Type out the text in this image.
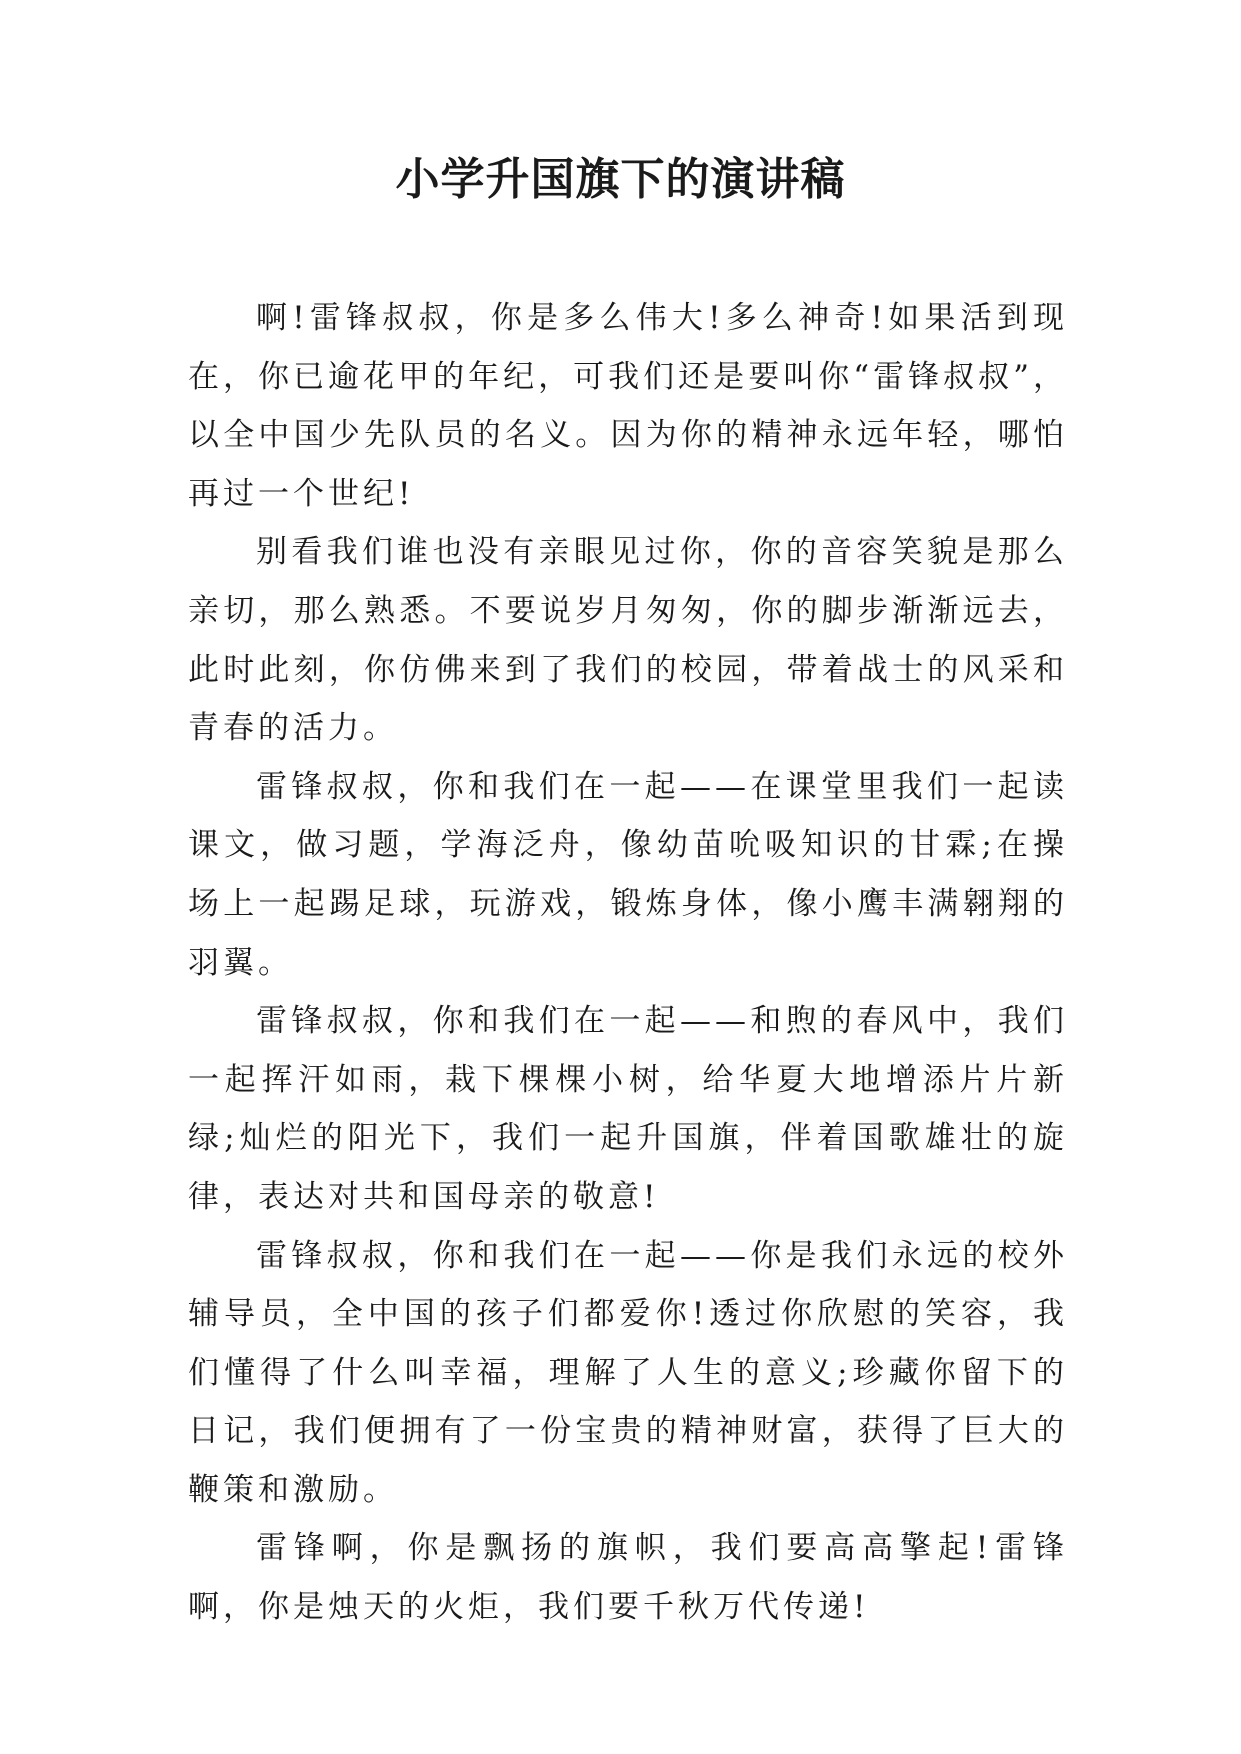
小学升国旗下的演讲稿

啊!雷锋叔叔，你是多么伟大!多么神奇!如果活到现在，你已逾花甲的年纪，可我们还是要叫你“雷锋叔叔”，以全中国少先队员的名义。因为你的精神永远年轻，哪怕再过一个世纪!

别看我们谁也没有亲眼见过你，你的音容笑貌是那么亲切，那么熟悉。不要说岁月匆匆，你的脚步渐渐远去，此时此刻，你仿佛来到了我们的校园，带着战士的风采和青春的活力。

雷锋叔叔，你和我们在一起——在课堂里我们一起读课文，做习题，学海泛舟，像幼苗吮吸知识的甘霖;在操场上一起踢足球，玩游戏，锻炼身体，像小鹰丰满翱翔的羽翼。

雷锋叔叔，你和我们在一起——和煦的春风中，我们一起挥汗如雨，栽下棵棵小树，给华夏大地增添片片新绿;灿烂的阳光下，我们一起升国旗，伴着国歌雄壮的旋律，表达对共和国母亲的敬意!

雷锋叔叔，你和我们在一起——你是我们永远的校外辅导员，全中国的孩子们都爱你!透过你欣慰的笑容，我们懂得了什么叫幸福，理解了人生的意义;珍藏你留下的日记，我们便拥有了一份宝贵的精神财富，获得了巨大的鞭策和激励。

雷锋啊，你是飘扬的旗帜，我们要高高擎起!雷锋啊，你是烛天的火炬，我们要千秋万代传递!
